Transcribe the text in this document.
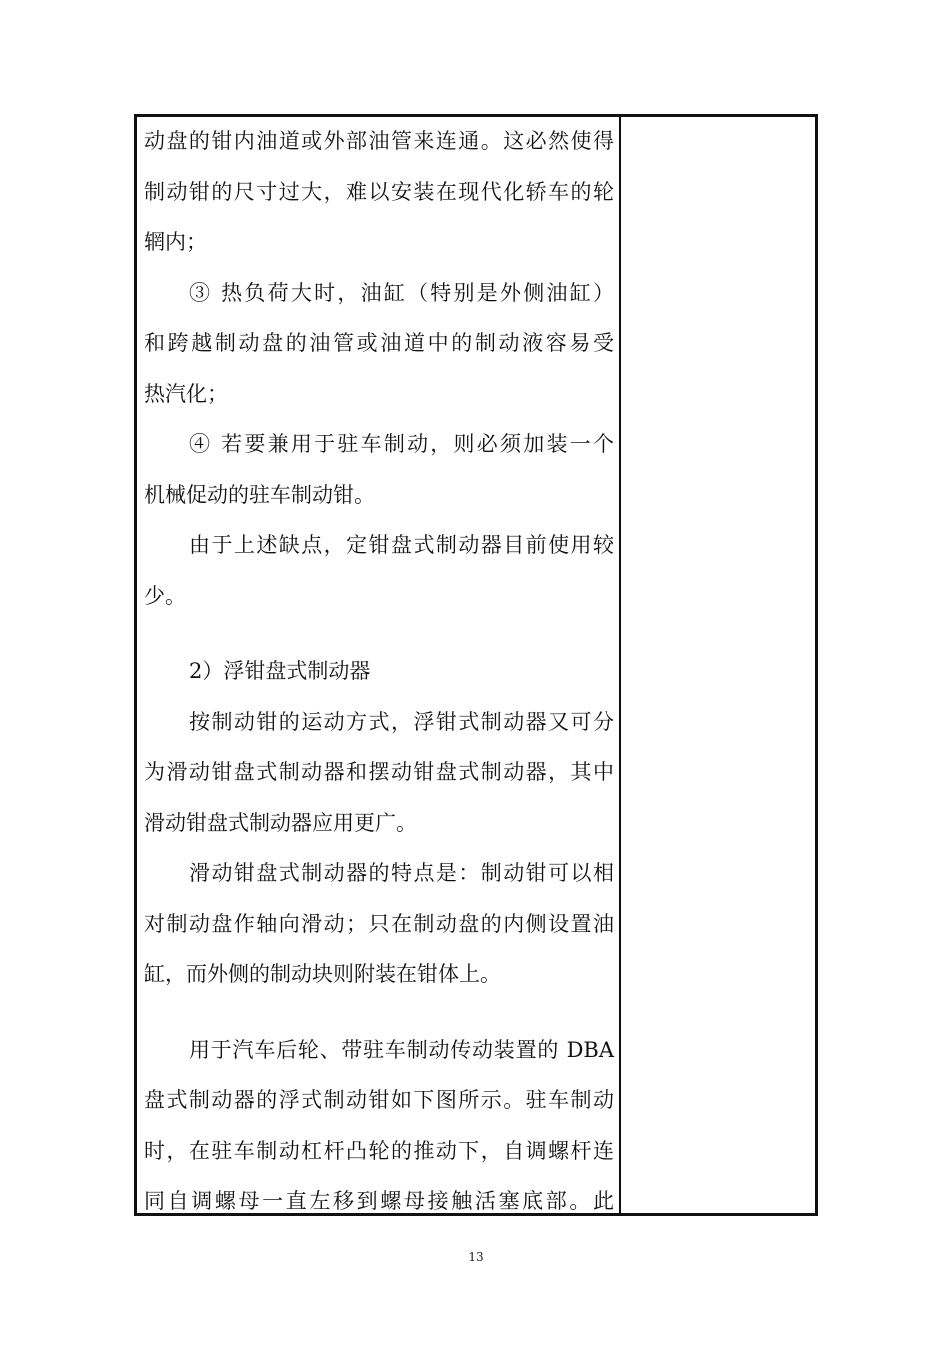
动盘的钳内油道或外部油管来连通。这必然使得
制动钳的尺寸过大，难以安装在现代化轿车的轮
辋内；
③ 热负荷大时，油缸（特别是外侧油缸）
和跨越制动盘的油管或油道中的制动液容易受
热汽化；
④ 若要兼用于驻车制动，则必须加装一个
机械促动的驻车制动钳。
由于上述缺点，定钳盘式制动器目前使用较
少。
2）浮钳盘式制动器
按制动钳的运动方式，浮钳式制动器又可分
为滑动钳盘式制动器和摆动钳盘式制动器，其中
滑动钳盘式制动器应用更广。
滑动钳盘式制动器的特点是：制动钳可以相
对制动盘作轴向滑动；只在制动盘的内侧设置油
缸，而外侧的制动块则附装在钳体上。
用于汽车后轮、带驻车制动传动装置的 DBA
盘式制动器的浮式制动钳如下图所示。驻车制动
时，在驻车制动杠杆凸轮的推动下，自调螺杆连
同自调螺母一直左移到螺母接触活塞底部。此
13
